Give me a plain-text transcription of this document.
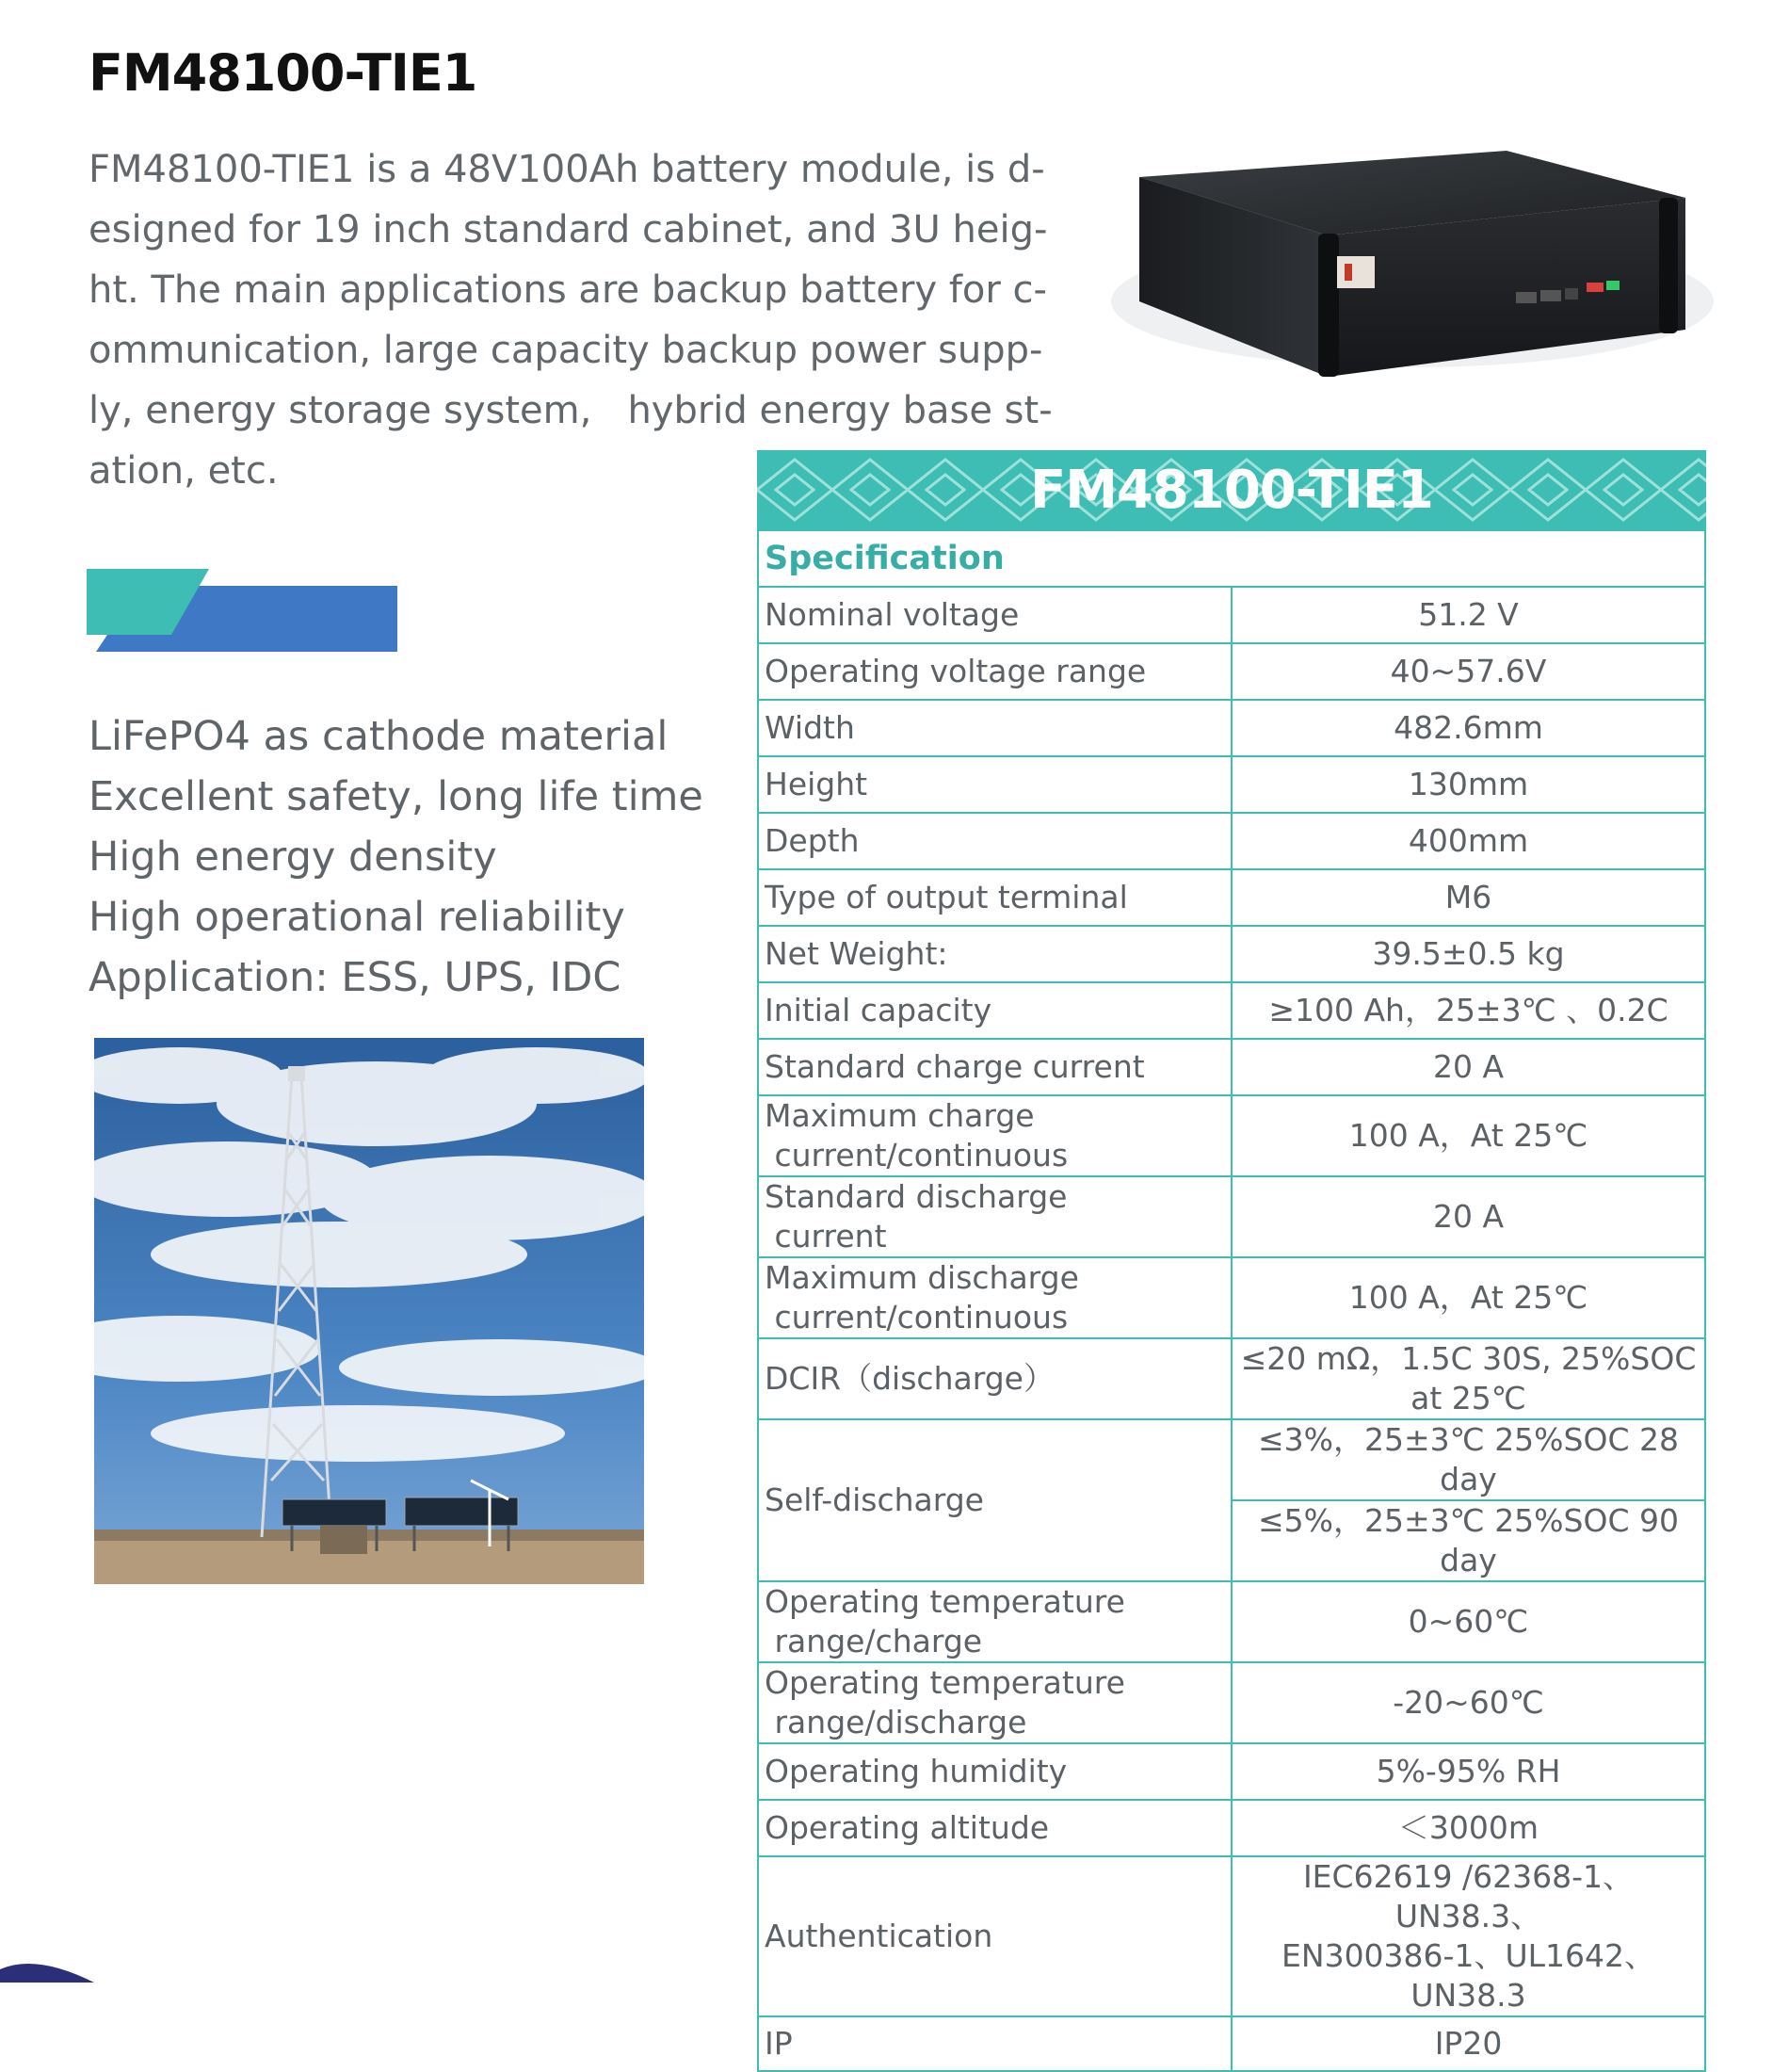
FM48100-TIE1
FM48100-TIE1 is a 48V100Ah battery module, is d-
esigned for 19 inch standard cabinet, and 3U heig-
ht. The main applications are backup battery for c-
ommunication, large capacity backup power supp-
ly, energy storage system,   hybrid energy base st-
ation, etc.
LiFePO4 as cathode material
Excellent safety, long life time
High energy density
High operational reliability
Application: ESS, UPS, IDC
FM48100-TIE1
Specification	
Nominal voltage	51.2 V
Operating voltage range	40~57.6V
Width	482.6mm
Height	130mm
Depth	400mm
Type of output terminal	M6
Net Weight:	39.5±0.5 kg
Initial capacity	≥100 Ah，25±3℃ 、0.2C
Standard charge current	20 A
Maximum charge
current/continuous	100 A，At 25℃
Standard discharge
current	20 A
Maximum discharge
current/continuous	100 A，At 25℃
DCIR（discharge）	≤20 mΩ，1.5C 30S, 25%SOC at 25℃
Self-discharge	≤3%，25±3℃ 25%SOC 28 day
	≤5%，25±3℃ 25%SOC 90 day
Operating temperature
range/charge	0~60℃
Operating temperature
range/discharge	-20~60℃
Operating humidity	5%-95% RH
Operating altitude	＜3000m
Authentication	IEC62619 /62368-1、UN38.3、
EN300386-1、UL1642、UN38.3

IP	IP20
